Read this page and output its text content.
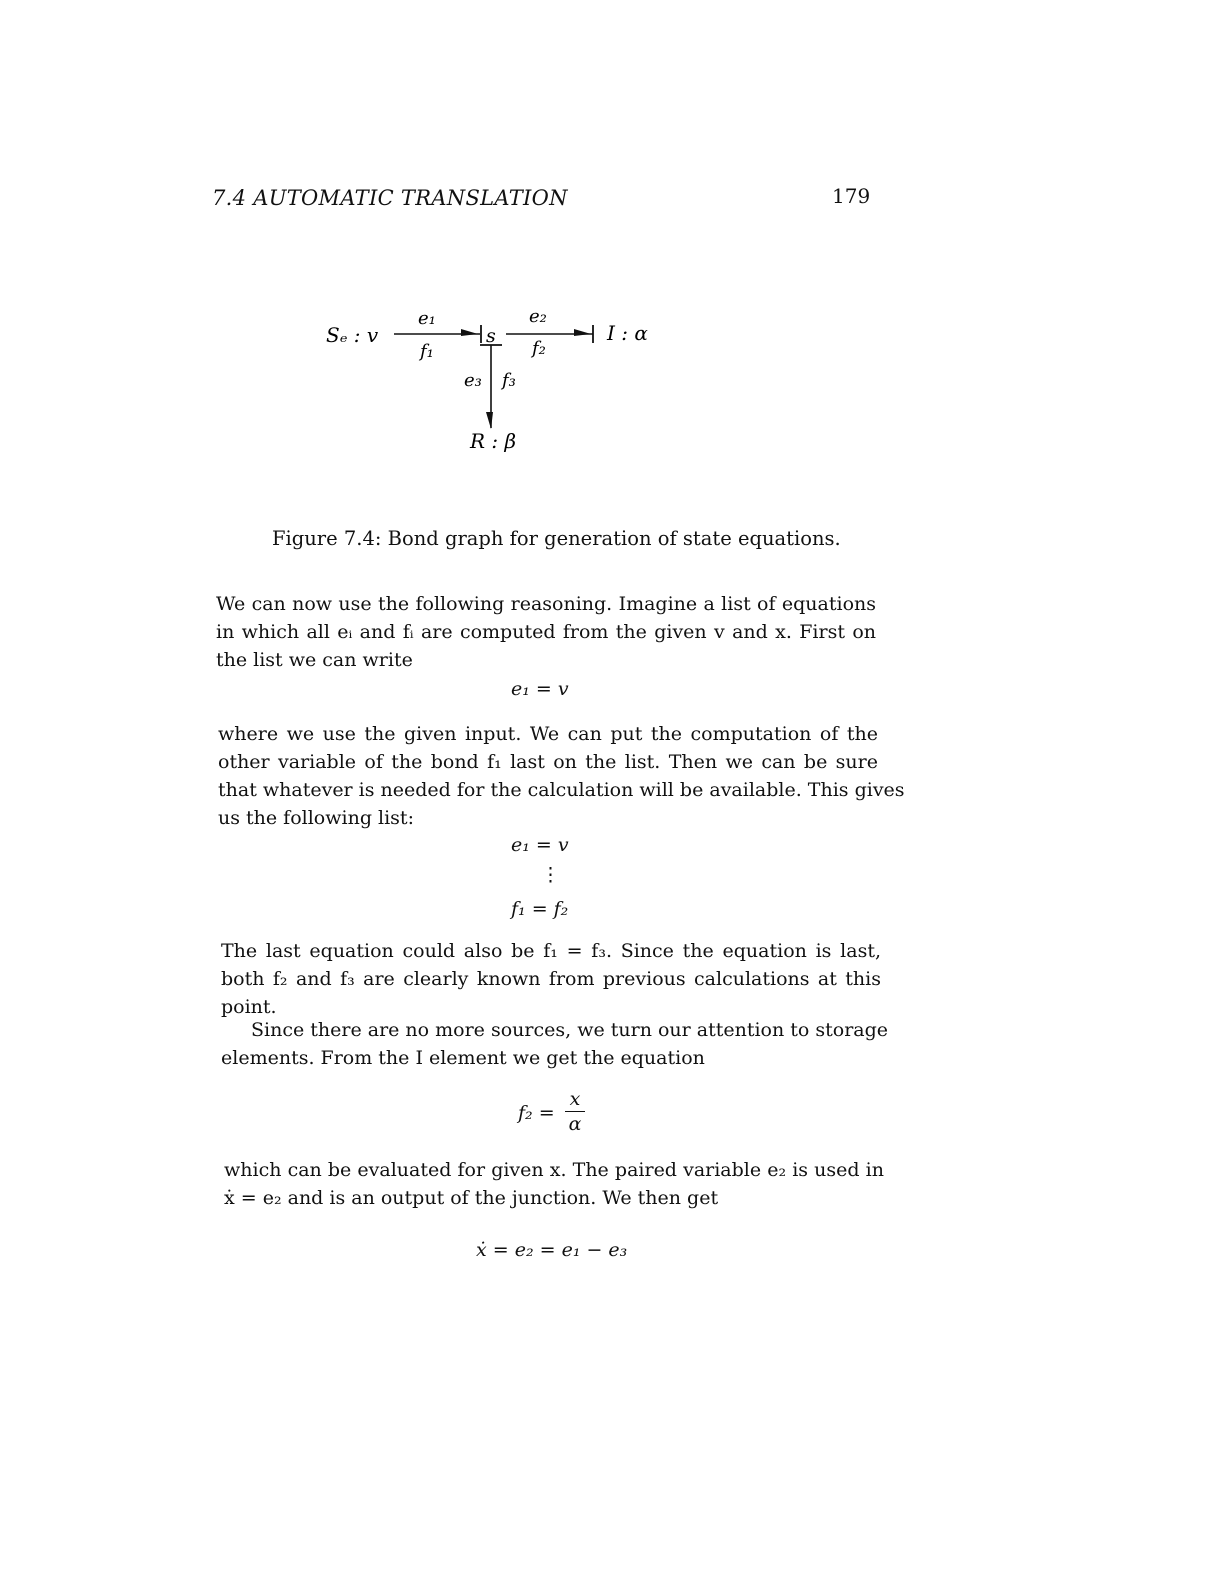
7.4 AUTOMATIC TRANSLATION	179
Sₑ : v	s	I : α
R : β
e₁
f₁
e₂
f₂
e₃ f₃
Figure 7.4: Bond graph for generation of state equations.
We can now use the following reasoning. Imagine a list of equations
in which all eᵢ and fᵢ are computed from the given v and x. First on
the list we can write
e₁ = v
where we use the given input. We can put the computation of the
other variable of the bond f₁ last on the list. Then we can be sure
that whatever is needed for the calculation will be available. This gives
us the following list:
e₁ = v
⋮
f₁ = f₂
The last equation could also be f₁ = f₃. Since the equation is last,
both f₂ and f₃ are clearly known from previous calculations at this
point.
Since there are no more sources, we turn our attention to storage
elements. From the I element we get the equation
f₂ =
x
α
which can be evaluated for given x. The paired variable e₂ is used in
ẋ = e₂ and is an output of the junction. We then get
ẋ = e₂ = e₁ − e₃
